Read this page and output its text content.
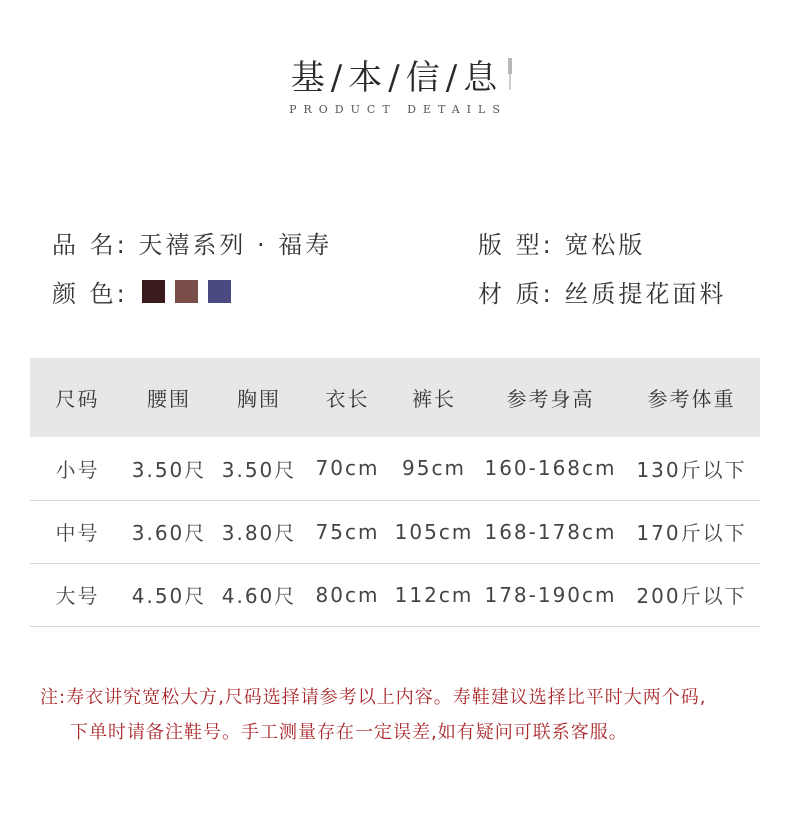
基 / 本 / 信 / 息
PRODUCT DETAILS
品 名: 天禧系列 · 福寿
颜 色:
版 型: 宽松版
材 质: 丝质提花面料
尺码	腰围	胸围	衣长	裤长	参考身高	参考体重
小号	3.50尺	3.50尺	70cm	95cm	160-168cm	130斤以下
中号	3.60尺	3.80尺	75cm	105cm	168-178cm	170斤以下
大号	4.50尺	4.60尺	80cm	112cm	178-190cm	200斤以下
注:寿衣讲究宽松大方,尺码选择请参考以上内容。寿鞋建议选择比平时大两个码,
下单时请备注鞋号。手工测量存在一定误差,如有疑问可联系客服。
